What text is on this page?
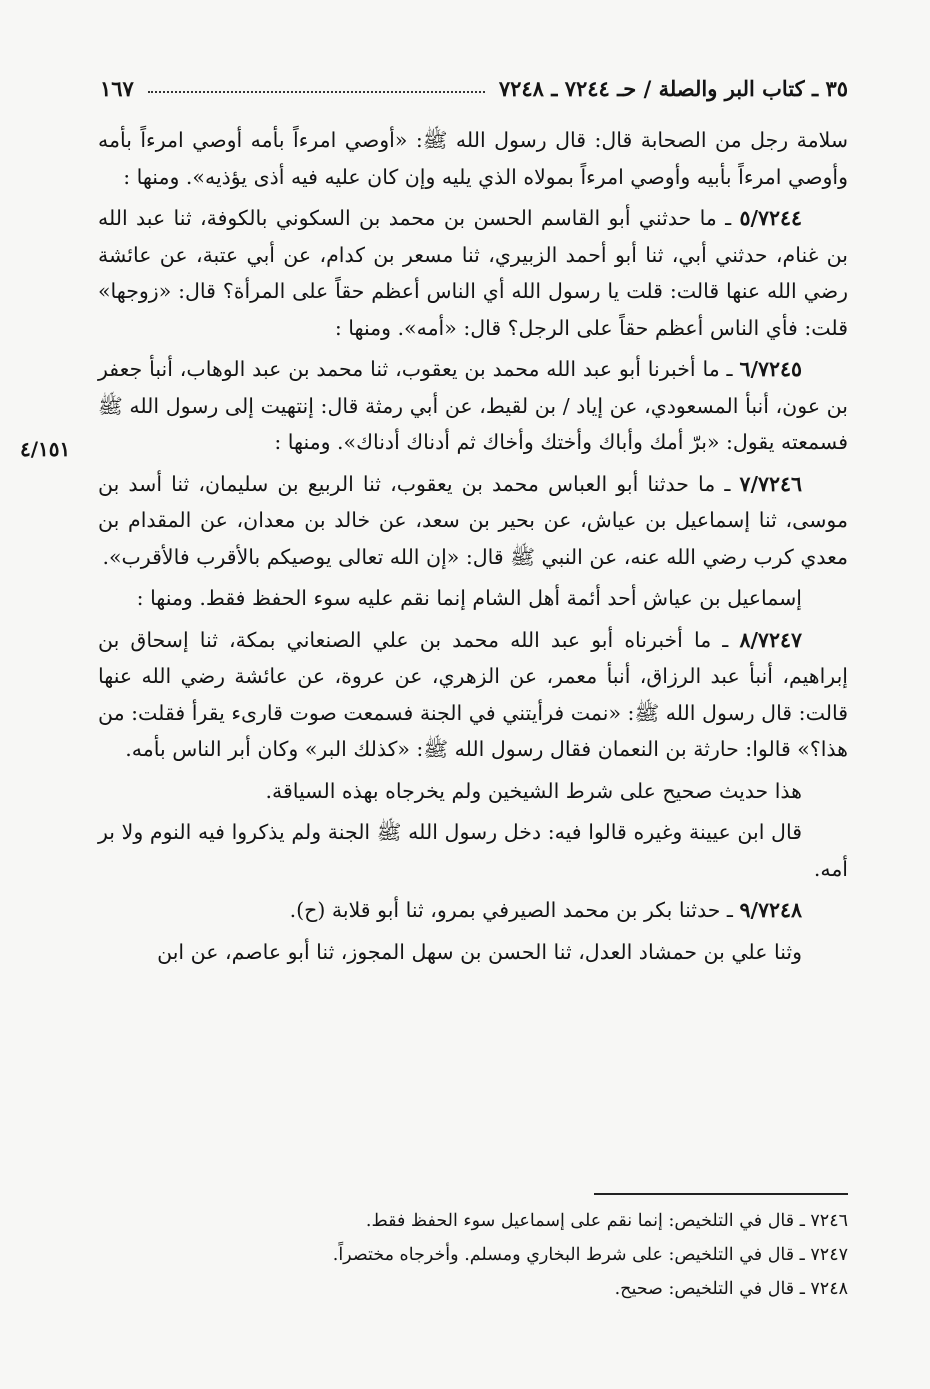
٣٥ ـ كتاب البر والصلة / حـ ٧٢٤٤ ـ ٧٢٤٨
١٦٧
٤/١٥١

سلامة رجل من الصحابة قال: قال رسول الله ﷺ: «أوصي امرءاً بأمه أوصي امرءاً بأمه وأوصي امرءاً بأبيه وأوصي امرءاً بمولاه الذي يليه وإن كان عليه فيه أذى يؤذيه». ومنها :

٥/٧٢٤٤ ـ ما حدثني أبو القاسم الحسن بن محمد بن السكوني بالكوفة، ثنا عبد الله بن غنام، حدثني أبي، ثنا أبو أحمد الزبيري، ثنا مسعر بن كدام، عن أبي عتبة، عن عائشة رضي الله عنها قالت: قلت يا رسول الله أي الناس أعظم حقاً على المرأة؟ قال: «زوجها» قلت: فأي الناس أعظم حقاً على الرجل؟ قال: «أمه». ومنها :

٦/٧٢٤٥ ـ ما أخبرنا أبو عبد الله محمد بن يعقوب، ثنا محمد بن عبد الوهاب، أنبأ جعفر بن عون، أنبأ المسعودي، عن إياد / بن لقيط، عن أبي رمثة قال: إنتهيت إلى رسول الله ﷺ فسمعته يقول: «برّ أمك وأباك وأختك وأخاك ثم أدناك أدناك». ومنها :

٧/٧٢٤٦ ـ ما حدثنا أبو العباس محمد بن يعقوب، ثنا الربيع بن سليمان، ثنا أسد بن موسى، ثنا إسماعيل بن عياش، عن بحير بن سعد، عن خالد بن معدان، عن المقدام بن معدي كرب رضي الله عنه، عن النبي ﷺ قال: «إن الله تعالى يوصيكم بالأقرب فالأقرب».

إسماعيل بن عياش أحد أئمة أهل الشام إنما نقم عليه سوء الحفظ فقط. ومنها :

٨/٧٢٤٧ ـ ما أخبرناه أبو عبد الله محمد بن علي الصنعاني بمكة، ثنا إسحاق بن إبراهيم، أنبأ عبد الرزاق، أنبأ معمر، عن الزهري، عن عروة، عن عائشة رضي الله عنها قالت: قال رسول الله ﷺ: «نمت فرأيتني في الجنة فسمعت صوت قارىء يقرأ فقلت: من هذا؟» قالوا: حارثة بن النعمان فقال رسول الله ﷺ: «كذلك البر» وكان أبر الناس بأمه.

هذا حديث صحيح على شرط الشيخين ولم يخرجاه بهذه السياقة.

قال ابن عيينة وغيره قالوا فيه: دخل رسول الله ﷺ الجنة ولم يذكروا فيه النوم ولا بر أمه.

٩/٧٢٤٨ ـ حدثنا بكر بن محمد الصيرفي بمرو، ثنا أبو قلابة (ح).

وثنا علي بن حمشاد العدل، ثنا الحسن بن سهل المجوز، ثنا أبو عاصم، عن ابن

٧٢٤٦ ـ قال في التلخيص: إنما نقم على إسماعيل سوء الحفظ فقط.
٧٢٤٧ ـ قال في التلخيص: على شرط البخاري ومسلم. وأخرجاه مختصراً.
٧٢٤٨ ـ قال في التلخيص: صحيح.
